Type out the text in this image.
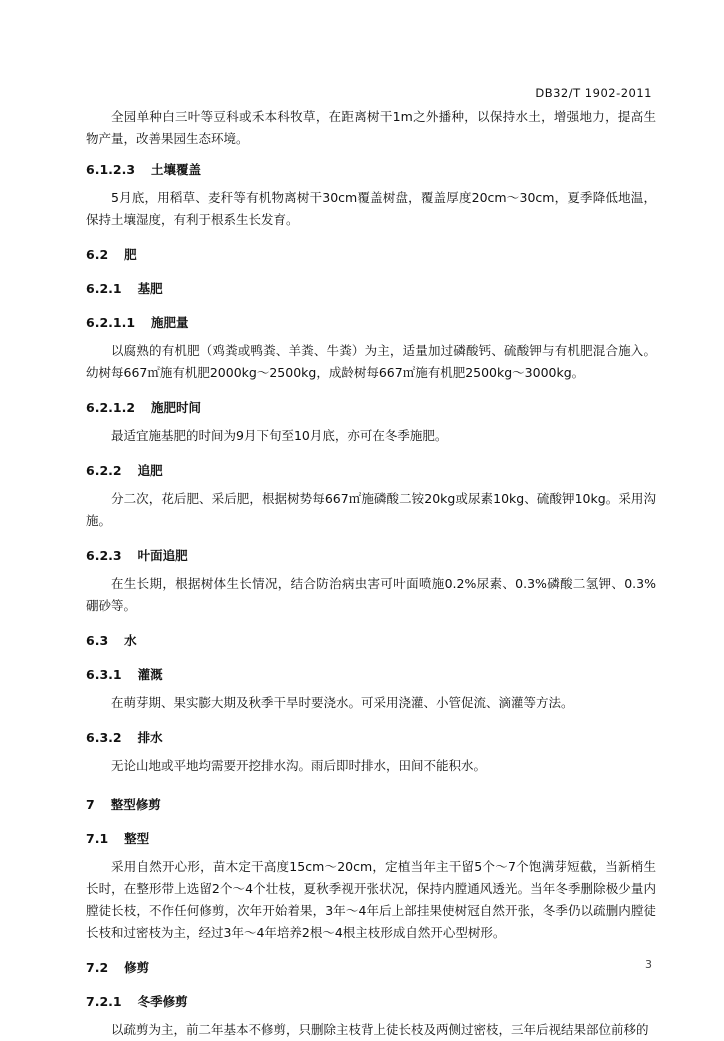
DB32/T 1902-2011

全园单种白三叶等豆科或禾本科牧草，在距离树干1m之外播种，以保持水土，增强地力，提高生物产量，改善果园生态环境。

6.1.2.3 土壤覆盖

5月底，用稻草、麦秆等有机物离树干30cm覆盖树盘，覆盖厚度20cm～30cm，夏季降低地温，保持土壤湿度，有利于根系生长发育。

6.2 肥
6.2.1 基肥
6.2.1.1 施肥量

以腐熟的有机肥（鸡粪或鸭粪、羊粪、牛粪）为主，适量加过磷酸钙、硫酸钾与有机肥混合施入。幼树每667㎡施有机肥2000kg～2500kg，成龄树每667㎡施有机肥2500kg～3000kg。

6.2.1.2 施肥时间

最适宜施基肥的时间为9月下旬至10月底，亦可在冬季施肥。

6.2.2 追肥

分二次，花后肥、采后肥，根据树势每667㎡施磷酸二铵20kg或尿素10kg、硫酸钾10kg。采用沟施。

6.2.3 叶面追肥

在生长期，根据树体生长情况，结合防治病虫害可叶面喷施0.2%尿素、0.3%磷酸二氢钾、0.3%硼砂等。

6.3 水
6.3.1 灌溉

在萌芽期、果实膨大期及秋季干旱时要浇水。可采用浇灌、小管促流、滴灌等方法。

6.3.2 排水

无论山地或平地均需要开挖排水沟。雨后即时排水，田间不能积水。

7 整型修剪
7.1 整型

采用自然开心形，苗木定干高度15cm～20cm，定植当年主干留5个～7个饱满芽短截，当新梢生长时，在整形带上选留2个～4个壮枝，夏秋季视开张状况，保持内膛通风透光。当年冬季删除极少量内膛徒长枝，不作任何修剪，次年开始着果，3年～4年后上部挂果使树冠自然开张，冬季仍以疏删内膛徒长枝和过密枝为主，经过3年～4年培养2根～4根主枝形成自然开心型树形。

7.2 修剪
7.2.1 冬季修剪

以疏剪为主，前二年基本不修剪，只删除主枝背上徒长枝及两侧过密枝，三年后视结果部位前移的

3
